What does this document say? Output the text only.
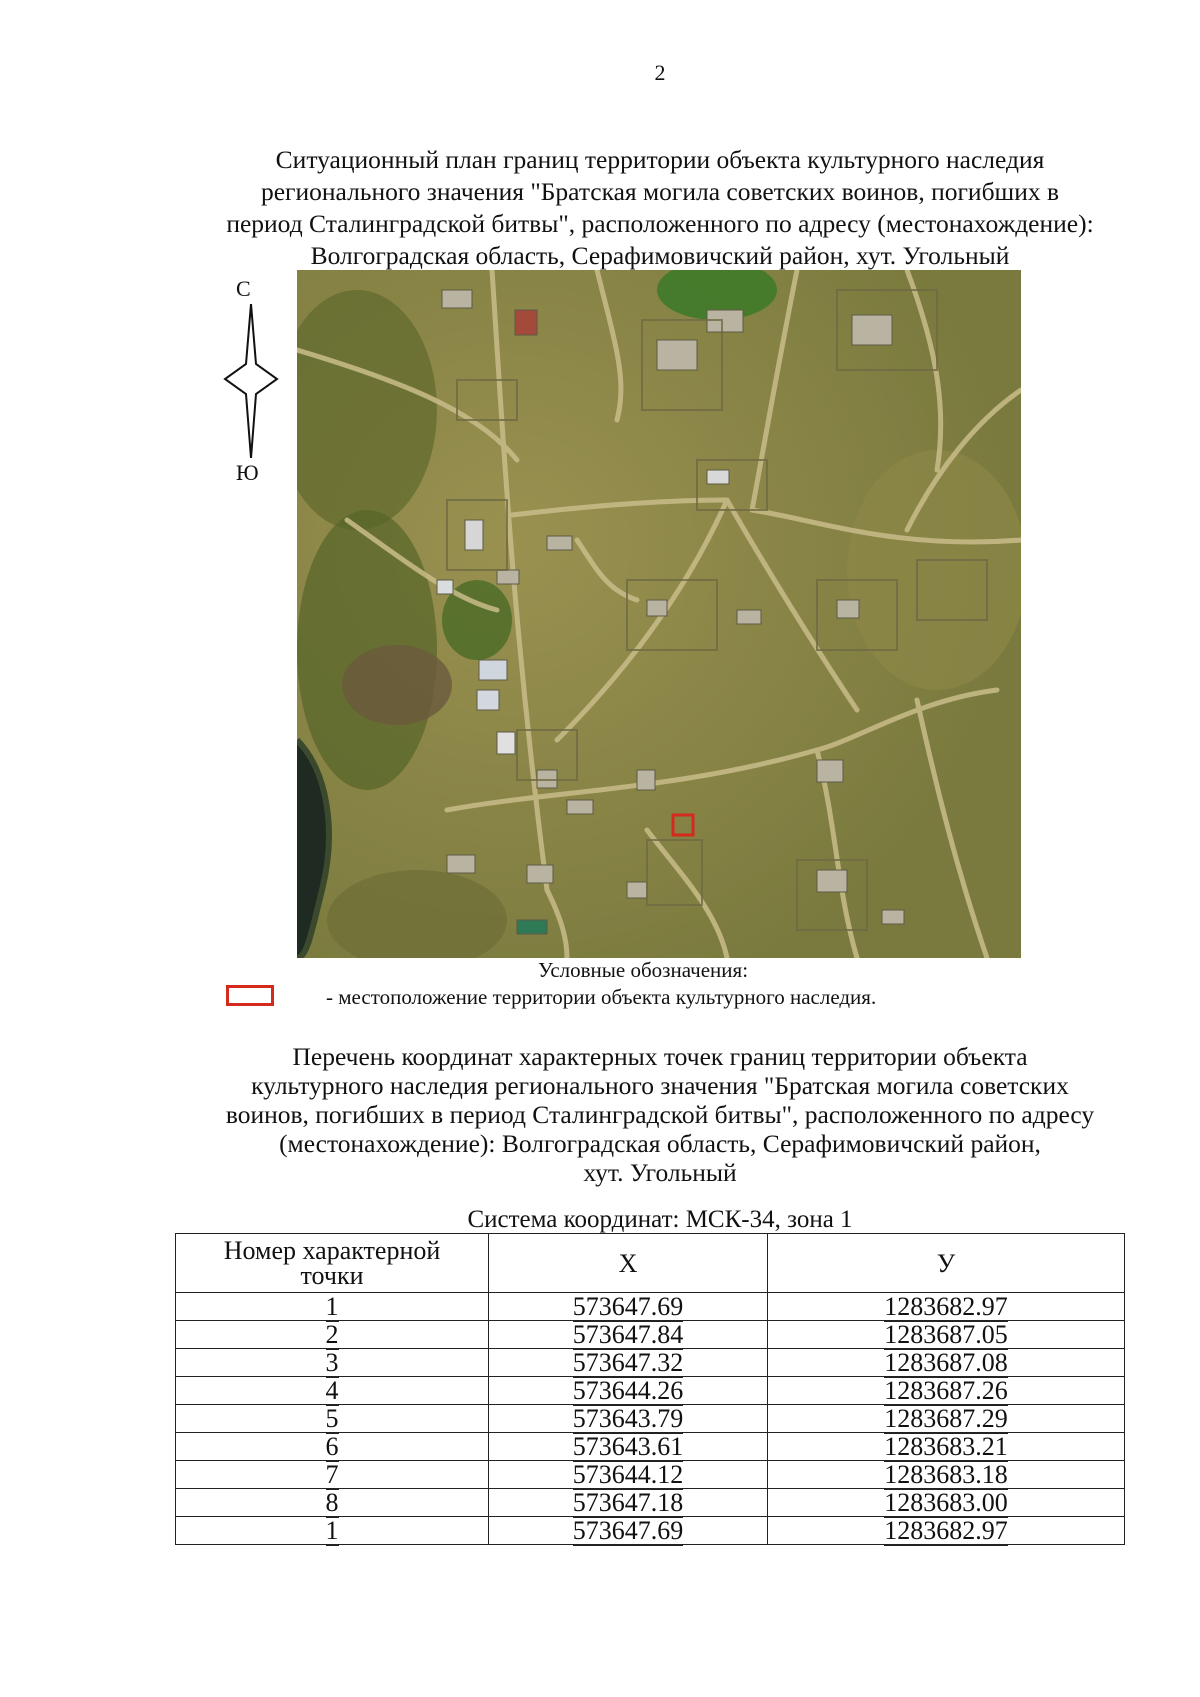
2
Ситуационный план границ территории объекта культурного наследия
регионального значения "Братская могила советских воинов, погибших в
период Сталинградской битвы", расположенного по адресу (местонахождение):
Волгоградская область, Серафимовичский район, хут. Угольный
С
Ю
Условные обозначения:
- местоположение территории объекта культурного наследия.
Перечень координат характерных точек границ территории объекта
культурного наследия регионального значения "Братская могила советских
воинов, погибших в период Сталинградской битвы", расположенного по адресу
(местонахождение): Волгоградская область, Серафимовичский район,
хут. Угольный
Система координат: МСК-34, зона 1
Номер характерной
точки	X	У
1	573647.69	1283682.97
2	573647.84	1283687.05
3	573647.32	1283687.08
4	573644.26	1283687.26
5	573643.79	1283687.29
6	573643.61	1283683.21
7	573644.12	1283683.18
8	573647.18	1283683.00
1	573647.69	1283682.97
